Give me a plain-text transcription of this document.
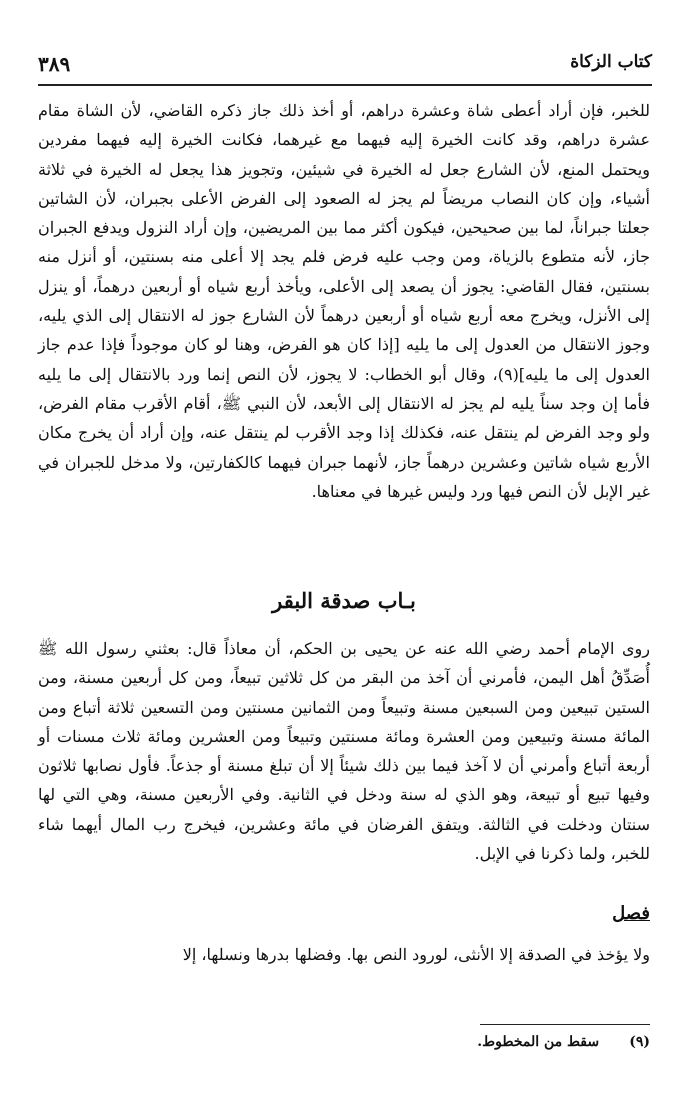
كتاب الزكاة
٣٨٩

للخبر، فإن أراد أعطى شاة وعشرة دراهم، أو أخذ ذلك جاز ذكره القاضي، لأن الشاة مقام عشرة دراهم، وقد كانت الخيرة إليه فيهما مع غيرهما، فكانت الخيرة إليه فيهما مفردين ويحتمل المنع، لأن الشارع جعل له الخيرة في شيئين، وتجويز هذا يجعل له الخيرة في ثلاثة أشياء، وإن كان النصاب مريضاً لم يجز له الصعود إلى الفرض الأعلى بجبران، لأن الشاتين جعلتا جبراناً، لما بين صحيحين، فيكون أكثر مما بين المريضين، وإن أراد النزول ويدفع الجبران جاز، لأنه متطوع بالزياة، ومن وجب عليه فرض فلم يجد إلا أعلى منه بسنتين، أو أنزل منه بسنتين، فقال القاضي: يجوز أن يصعد إلى الأعلى، ويأخذ أربع شياه أو أربعين درهماً، أو ينزل إلى الأنزل، ويخرج معه أربع شياه أو أربعين درهماً لأن الشارع جوز له الانتقال إلى الذي يليه، وجوز الانتقال من العدول إلى ما يليه [إذا كان هو الفرض، وهنا لو كان موجوداً فإذا عدم جاز العدول إلى ما يليه](٩)، وقال أبو الخطاب: لا يجوز، لأن النص إنما ورد بالانتقال إلى ما يليه فأما إن وجد سناً يليه لم يجز له الانتقال إلى الأبعد، لأن النبي ﷺ، أقام الأقرب مقام الفرض، ولو وجد الفرض لم ينتقل عنه، فكذلك إذا وجد الأقرب لم ينتقل عنه، وإن أراد أن يخرج مكان الأربع شياه شاتين وعشرين درهماً جاز، لأنهما جبران فيهما كالكفارتين، ولا مدخل للجبران في غير الإبل لأن النص فيها ورد وليس غيرها في معناها.

بـاب صدقة البقر

روى الإمام أحمد رضي الله عنه عن يحيى بن الحكم، أن معاذاً قال: بعثني رسول الله ﷺ أُصَدِّقُ أهل اليمن، فأمرني أن آخذ من البقر من كل ثلاثين تبيعاً، ومن كل أربعين مسنة، ومن الستين تبيعين ومن السبعين مسنة وتبيعاً ومن الثمانين مسنتين ومن التسعين ثلاثة أتباع ومن المائة مسنة وتبيعين ومن العشرة ومائة مسنتين وتبيعاً ومن العشرين ومائة ثلاث مسنات أو أربعة أتباع وأمرني أن لا آخذ فيما بين ذلك شيئاً إلا أن تبلغ مسنة أو جذعاً. فأول نصابها ثلاثون وفيها تبيع أو تبيعة، وهو الذي له سنة ودخل في الثانية. وفي الأربعين مسنة، وهي التي لها سنتان ودخلت في الثالثة. ويتفق الفرضان في مائة وعشرين، فيخرج رب المال أيهما شاء للخبر، ولما ذكرنا في الإبل.

فصل

ولا يؤخذ في الصدقة إلا الأنثى، لورود النص بها. وفضلها بدرها ونسلها، إلا

(٩) سقط من المخطوط.
